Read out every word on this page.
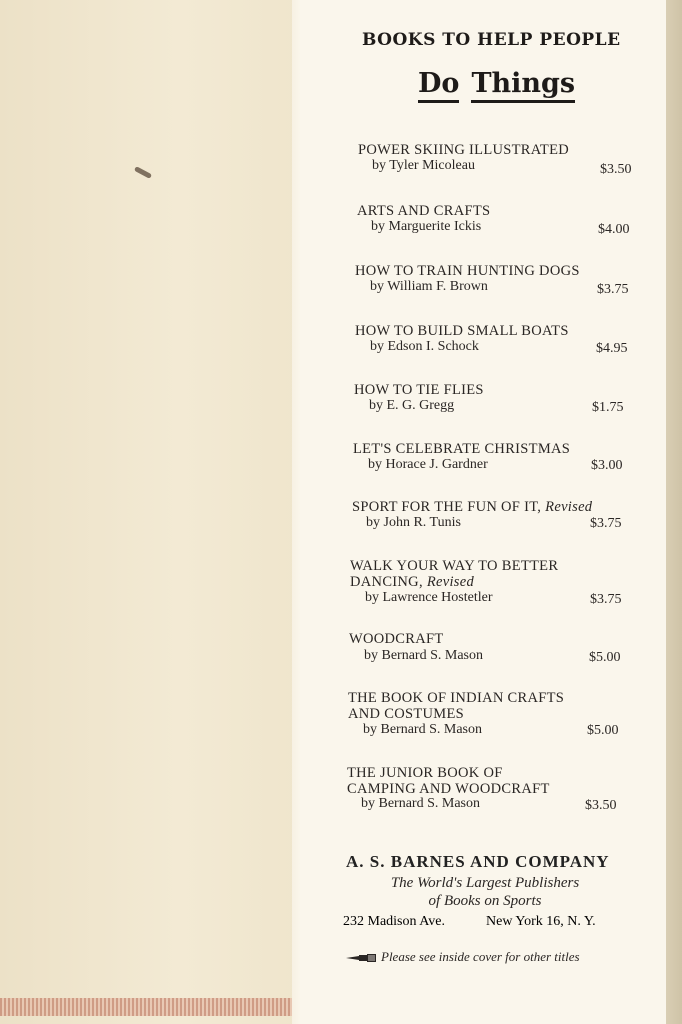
BOOKS TO HELP PEOPLE
Do Things
POWER SKIING ILLUSTRATED
by Tyler Micoleau	$3.50
ARTS AND CRAFTS
by Marguerite Ickis	$4.00
HOW TO TRAIN HUNTING DOGS
by William F. Brown	$3.75
HOW TO BUILD SMALL BOATS
by Edson I. Schock	$4.95
HOW TO TIE FLIES
by E. G. Gregg	$1.75
LET'S CELEBRATE CHRISTMAS
by Horace J. Gardner	$3.00
SPORT FOR THE FUN OF IT, Revised
by John R. Tunis	$3.75
WALK YOUR WAY TO BETTER
DANCING, Revised
by Lawrence Hostetler	$3.75
WOODCRAFT
by Bernard S. Mason	$5.00
THE BOOK OF INDIAN CRAFTS
AND COSTUMES
by Bernard S. Mason	$5.00
THE JUNIOR BOOK OF
CAMPING AND WOODCRAFT
by Bernard S. Mason	$3.50
A. S. BARNES AND COMPANY
The World's Largest Publishers
of Books on Sports
232 Madison Ave.	New York 16, N. Y.
Please see inside cover for other titles
